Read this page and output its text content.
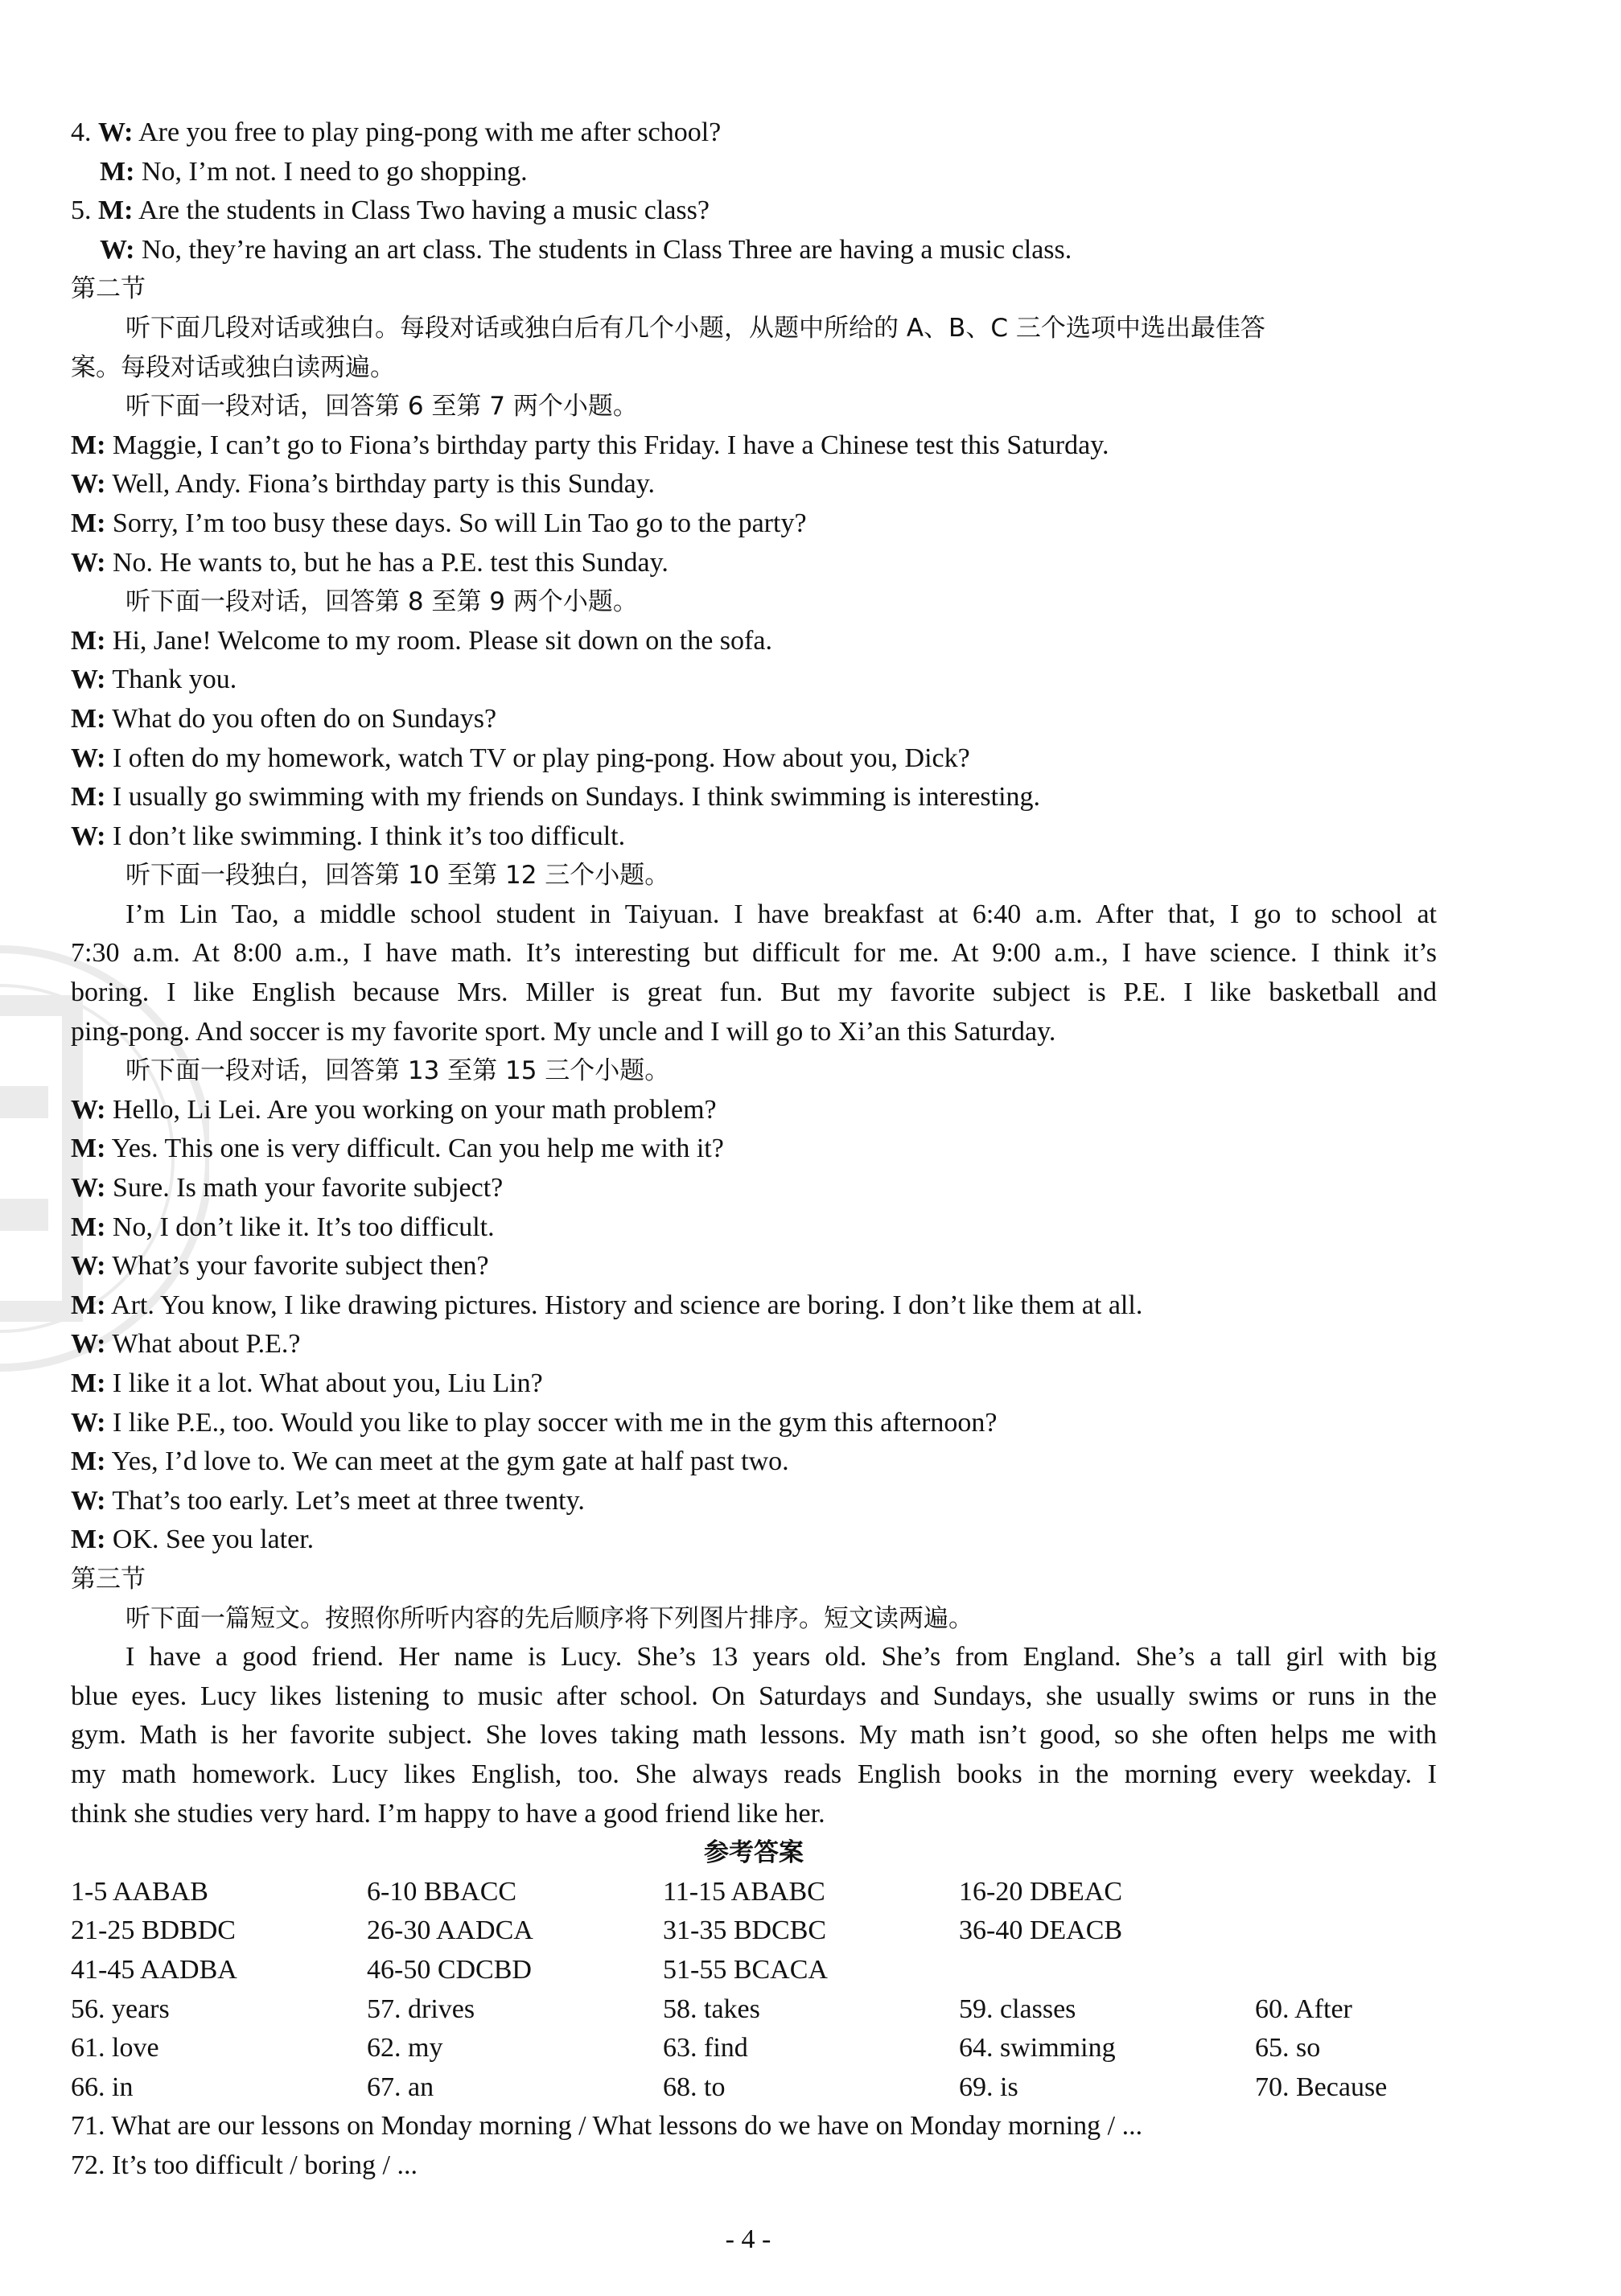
4. W: Are you free to play ping-pong with me after school?
M: No, I’m not. I need to go shopping.
5. M: Are the students in Class Two having a music class?
W: No, they’re having an art class. The students in Class Three are having a music class.
第二节
听下面几段对话或独白。每段对话或独白后有几个小题，从题中所给的 A、B、C 三个选项中选出最佳答
案。每段对话或独白读两遍。
听下面一段对话，回答第 6 至第 7 两个小题。
M: Maggie, I can’t go to Fiona’s birthday party this Friday. I have a Chinese test this Saturday.
W: Well, Andy. Fiona’s birthday party is this Sunday.
M: Sorry, I’m too busy these days. So will Lin Tao go to the party?
W: No. He wants to, but he has a P.E. test this Sunday.
听下面一段对话，回答第 8 至第 9 两个小题。
M: Hi, Jane! Welcome to my room. Please sit down on the sofa.
W: Thank you.
M: What do you often do on Sundays?
W: I often do my homework, watch TV or play ping-pong. How about you, Dick?
M: I usually go swimming with my friends on Sundays. I think swimming is interesting.
W: I don’t like swimming. I think it’s too difficult.
听下面一段独白，回答第 10 至第 12 三个小题。
I’m Lin Tao, a middle school student in Taiyuan. I have breakfast at 6:40 a.m. After that, I go to school at
7:30 a.m. At 8:00 a.m., I have math. It’s interesting but difficult for me. At 9:00 a.m., I have science. I think it’s
boring. I like English because Mrs. Miller is great fun. But my favorite subject is P.E. I like basketball and
ping-pong. And soccer is my favorite sport. My uncle and I will go to Xi’an this Saturday.
听下面一段对话，回答第 13 至第 15 三个小题。
W: Hello, Li Lei. Are you working on your math problem?
M: Yes. This one is very difficult. Can you help me with it?
W: Sure. Is math your favorite subject?
M: No, I don’t like it. It’s too difficult.
W: What’s your favorite subject then?
M: Art. You know, I like drawing pictures. History and science are boring. I don’t like them at all.
W: What about P.E.?
M: I like it a lot. What about you, Liu Lin?
W: I like P.E., too. Would you like to play soccer with me in the gym this afternoon?
M: Yes, I’d love to. We can meet at the gym gate at half past two.
W: That’s too early. Let’s meet at three twenty.
M: OK. See you later.
第三节
听下面一篇短文。按照你所听内容的先后顺序将下列图片排序。短文读两遍。
I have a good friend. Her name is Lucy. She’s 13 years old. She’s from England. She’s a tall girl with big
blue eyes. Lucy likes listening to music after school. On Saturdays and Sundays, she usually swims or runs in the
gym. Math is her favorite subject. She loves taking math lessons. My math isn’t good, so she often helps me with
my math homework. Lucy likes English, too. She always reads English books in the morning every weekday. I
think she studies very hard. I’m happy to have a good friend like her.
参考答案
1-5 AABAB	6-10 BBACC	11-15 ABABC	16-20 DBEAC
21-25 BDBDC	26-30 AADCA	31-35 BDCBC	36-40 DEACB
41-45 AADBA	46-50 CDCBD	51-55 BCACA
56. years	57. drives	58. takes	59. classes	60. After
61. love	62. my	63. find	64. swimming	65. so
66. in	67. an	68. to	69. is	70. Because
71. What are our lessons on Monday morning / What lessons do we have on Monday morning / ...
72. It’s too difficult / boring / ...
- 4 -
